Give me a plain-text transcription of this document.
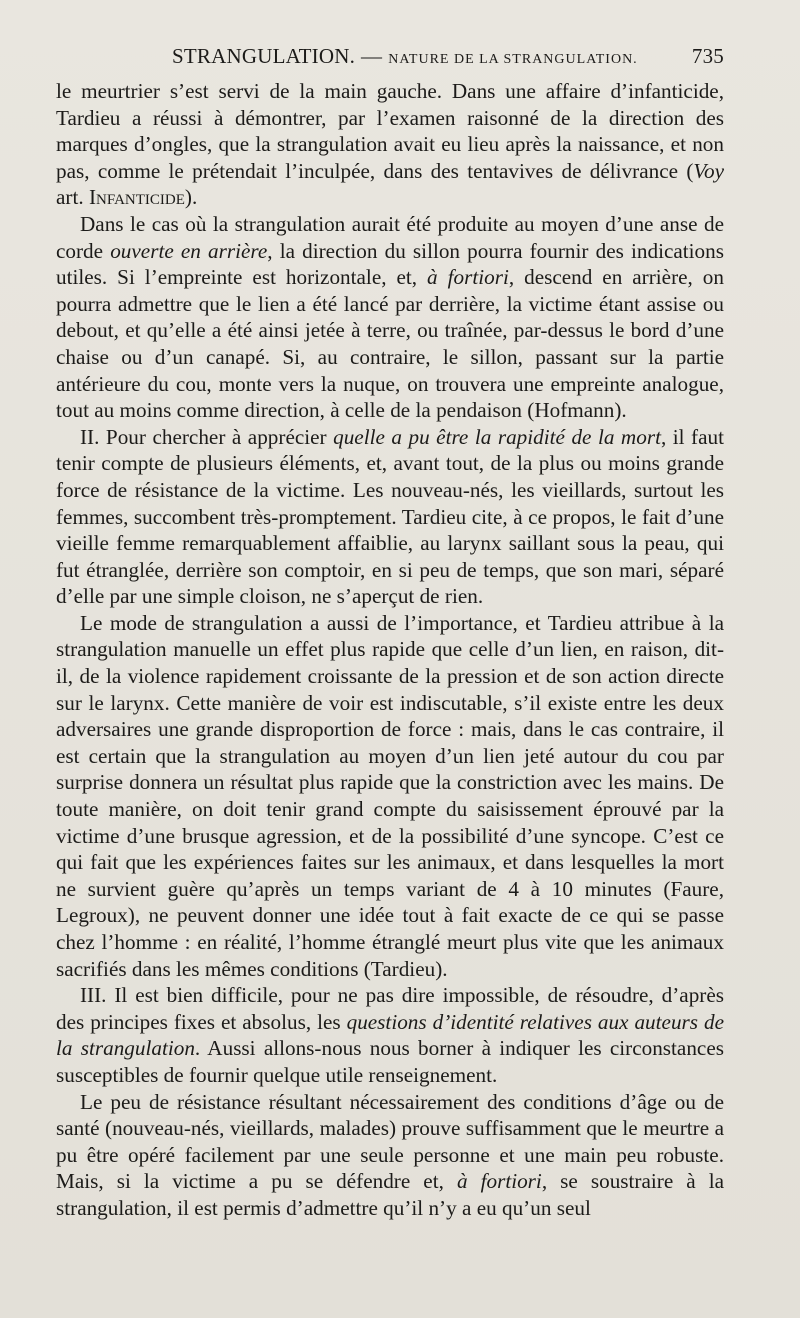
STRANGULATION. — NATURE DE LA STRANGULATION.	735

le meurtrier s’est servi de la main gauche. Dans une affaire d’infanticide, Tardieu a réussi à démontrer, par l’examen raisonné de la direction des marques d’ongles, que la strangulation avait eu lieu après la naissance, et non pas, comme le prétendait l’inculpée, dans des tentavives de délivrance (Voy art. Infanticide).

Dans le cas où la strangulation aurait été produite au moyen d’une anse de corde ouverte en arrière, la direction du sillon pourra fournir des indications utiles. Si l’empreinte est horizontale, et, à fortiori, descend en arrière, on pourra admettre que le lien a été lancé par derrière, la victime étant assise ou debout, et qu’elle a été ainsi jetée à terre, ou traînée, par-dessus le bord d’une chaise ou d’un canapé. Si, au contraire, le sillon, passant sur la partie antérieure du cou, monte vers la nuque, on trouvera une empreinte analogue, tout au moins comme direction, à celle de la pendaison (Hofmann).

II. Pour chercher à apprécier quelle a pu être la rapidité de la mort, il faut tenir compte de plusieurs éléments, et, avant tout, de la plus ou moins grande force de résistance de la victime. Les nouveau-nés, les vieillards, surtout les femmes, succombent très-promptement. Tardieu cite, à ce propos, le fait d’une vieille femme remarquablement affaiblie, au larynx saillant sous la peau, qui fut étranglée, derrière son comptoir, en si peu de temps, que son mari, séparé d’elle par une simple cloison, ne s’aperçut de rien.

Le mode de strangulation a aussi de l’importance, et Tardieu attribue à la strangulation manuelle un effet plus rapide que celle d’un lien, en raison, dit-il, de la violence rapidement croissante de la pression et de son action directe sur le larynx. Cette manière de voir est indiscutable, s’il existe entre les deux adversaires une grande disproportion de force : mais, dans le cas contraire, il est certain que la strangulation au moyen d’un lien jeté autour du cou par surprise donnera un résultat plus rapide que la constriction avec les mains. De toute manière, on doit tenir grand compte du saisissement éprouvé par la victime d’une brusque agression, et de la possibilité d’une syncope. C’est ce qui fait que les expériences faites sur les animaux, et dans lesquelles la mort ne survient guère qu’après un temps variant de 4 à 10 minutes (Faure, Legroux), ne peuvent donner une idée tout à fait exacte de ce qui se passe chez l’homme : en réalité, l’homme étranglé meurt plus vite que les animaux sacrifiés dans les mêmes conditions (Tardieu).

III. Il est bien difficile, pour ne pas dire impossible, de résoudre, d’après des principes fixes et absolus, les questions d’identité relatives aux auteurs de la strangulation. Aussi allons-nous nous borner à indiquer les circonstances susceptibles de fournir quelque utile renseignement.

Le peu de résistance résultant nécessairement des conditions d’âge ou de santé (nouveau-nés, vieillards, malades) prouve suffisamment que le meurtre a pu être opéré facilement par une seule personne et une main peu robuste. Mais, si la victime a pu se défendre et, à fortiori, se soustraire à la strangulation, il est permis d’admettre qu’il n’y a eu qu’un seul
